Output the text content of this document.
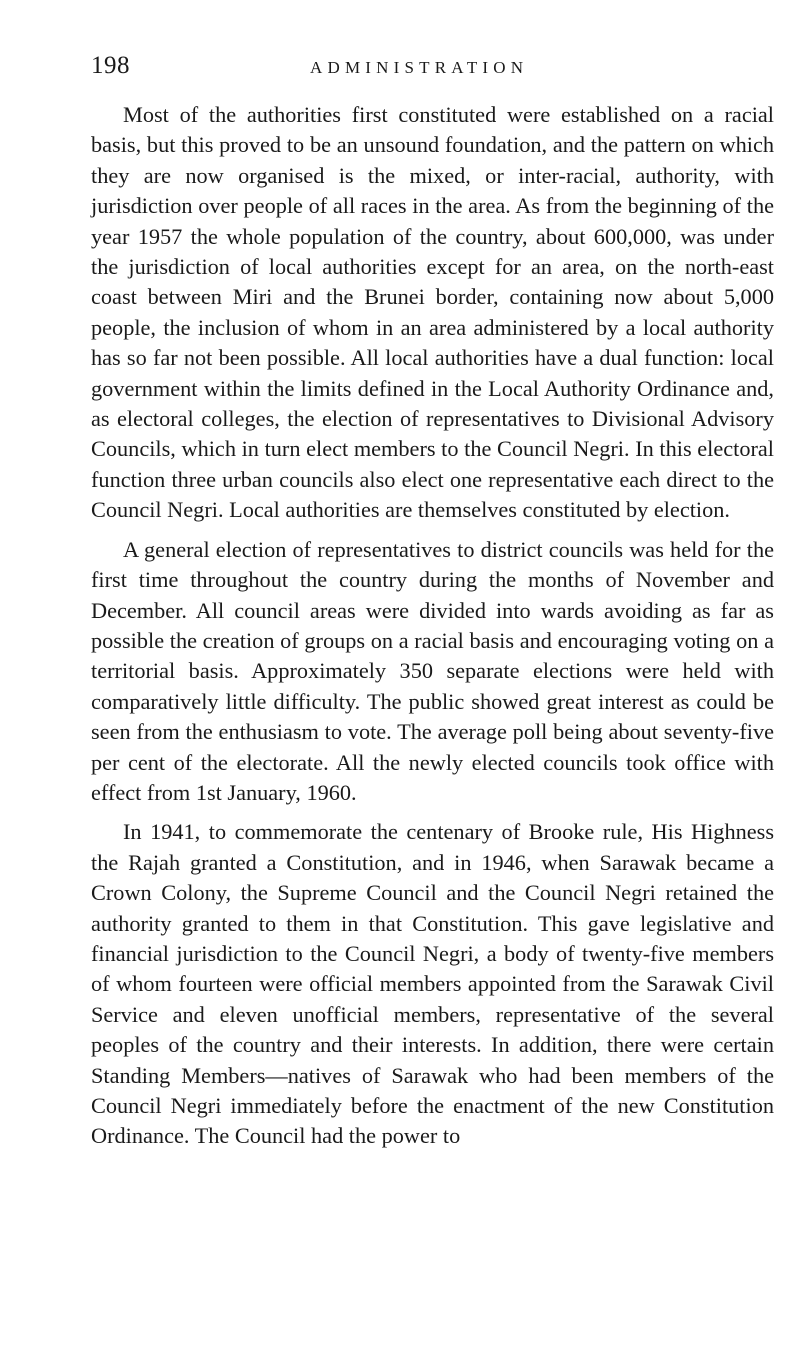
198	ADMINISTRATION

Most of the authorities first constituted were established on a racial basis, but this proved to be an unsound foundation, and the pattern on which they are now organised is the mixed, or inter-racial, authority, with jurisdiction over people of all races in the area. As from the beginning of the year 1957 the whole population of the country, about 600,000, was under the jurisdiction of local authorities except for an area, on the north-east coast between Miri and the Brunei border, containing now about 5,000 people, the inclusion of whom in an area administered by a local authority has so far not been possible. All local authorities have a dual function: local government within the limits defined in the Local Authority Ordinance and, as electoral colleges, the election of representatives to Divisional Advisory Councils, which in turn elect members to the Council Negri. In this electoral function three urban councils also elect one representative each direct to the Council Negri. Local authorities are themselves constituted by election.

A general election of representatives to district councils was held for the first time throughout the country during the months of November and December. All council areas were divided into wards avoiding as far as possible the creation of groups on a racial basis and encouraging voting on a territorial basis. Approximately 350 separate elections were held with comparatively little difficulty. The public showed great interest as could be seen from the enthusiasm to vote. The average poll being about seventy-five per cent of the electorate. All the newly elected councils took office with effect from 1st January, 1960.

In 1941, to commemorate the centenary of Brooke rule, His Highness the Rajah granted a Constitution, and in 1946, when Sarawak became a Crown Colony, the Supreme Council and the Council Negri retained the authority granted to them in that Constitution. This gave legislative and financial jurisdiction to the Council Negri, a body of twenty-five members of whom fourteen were official members appointed from the Sarawak Civil Service and eleven unofficial members, representative of the several peoples of the country and their interests. In addition, there were certain Standing Members—natives of Sarawak who had been members of the Council Negri immediately before the enactment of the new Constitution Ordinance. The Council had the power to
